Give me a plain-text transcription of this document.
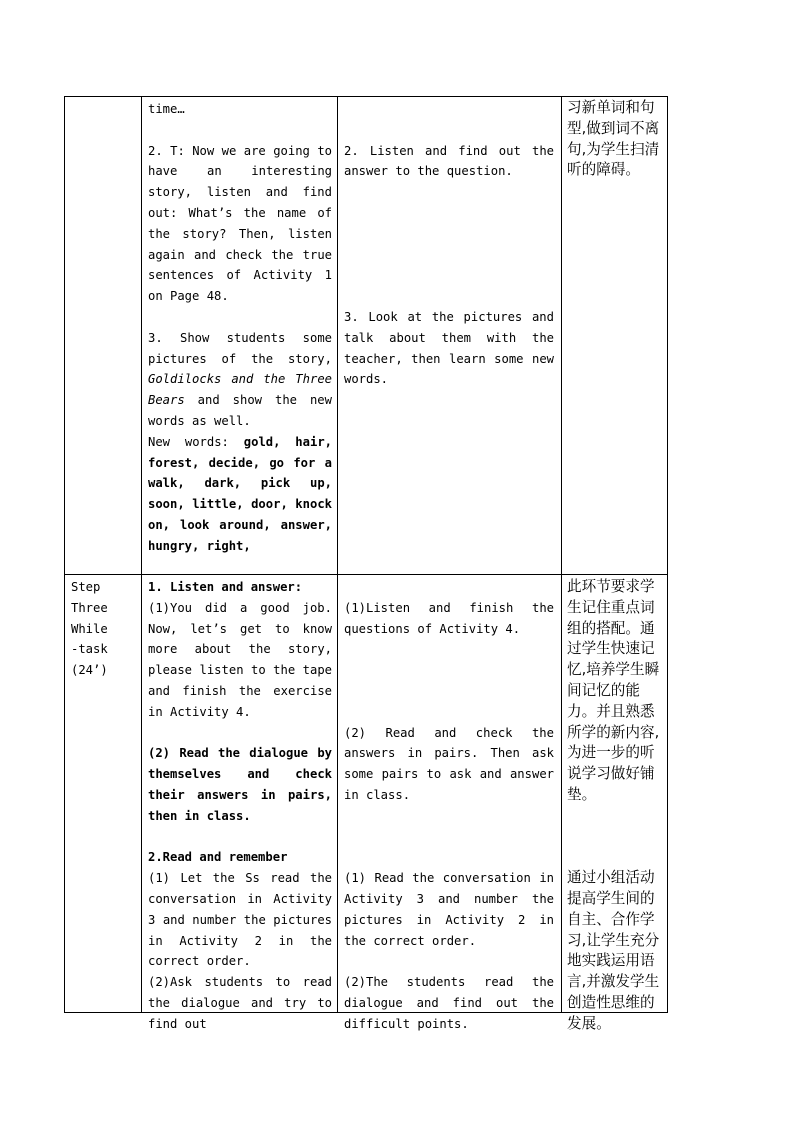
time…

2. T: Now we are going to have an interesting story, listen and find out: What’s the name of the story? Then, listen again and check the true sentences of Activity 1 on Page 48.

3. Show students some pictures of the story, Goldilocks and the Three Bears and show the new words as well.

New words: gold, hair, forest, decide, go for a walk, dark, pick up, soon, little, door, knock on, look around, answer, hungry, right,

2. Listen and find out the answer to the question.

3. Look at the pictures and talk about them with the teacher, then learn some new words.

习新单词和句型,做到词不离句,为学生扫清听的障碍。

Step

Three

While

-task

(24’)

1. Listen and answer:

(1)You did a good job. Now, let’s get to know more about the story, please listen to the tape and finish the exercise in Activity 4.

(2) Read the dialogue by themselves and check their answers in pairs, then in class.

2.Read and remember

(1) Let the Ss read the conversation in Activity 3 and number the pictures in Activity 2 in the correct order.

(2)Ask students to read the dialogue and try to find out

(1)Listen and finish the questions of Activity 4.

(2) Read and check the answers in pairs. Then ask some pairs to ask and answer in class.

(1) Read the conversation in Activity 3 and number the pictures in Activity 2 in the correct order.

(2)The students read the dialogue and find out the difficult points.

此环节要求学生记住重点词组的搭配。通过学生快速记忆,培养学生瞬间记忆的能力。并且熟悉所学的新内容, 为进一步的听说学习做好铺垫。

通过小组活动提高学生间的自主、合作学习,让学生充分地实践运用语言,并激发学生创造性思维的发展。
